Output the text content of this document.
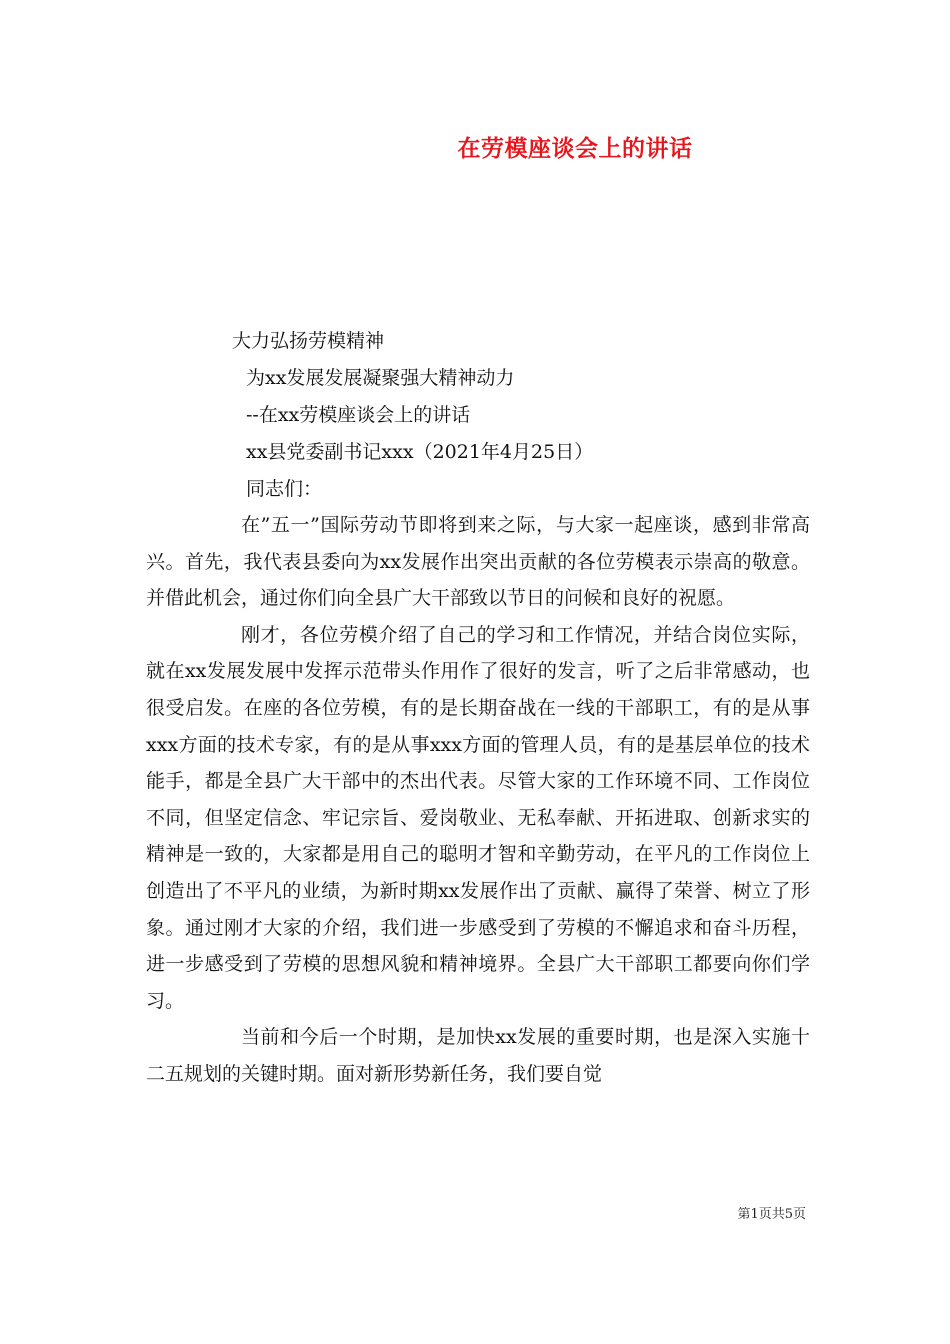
在劳模座谈会上的讲话
大力弘扬劳模精神
为xx发展发展凝聚强大精神动力
--在xx劳模座谈会上的讲话
xx县党委副书记xxx（2021年4月25日）
同志们：

在”五一”国际劳动节即将到来之际，与大家一起座谈，感到非常高兴。首先，我代表县委向为xx发展作出突出贡献的各位劳模表示崇高的敬意。并借此机会，通过你们向全县广大干部致以节日的问候和良好的祝愿。

刚才，各位劳模介绍了自己的学习和工作情况，并结合岗位实际，就在xx发展发展中发挥示范带头作用作了很好的发言，听了之后非常感动，也很受启发。在座的各位劳模，有的是长期奋战在一线的干部职工，有的是从事xxx方面的技术专家，有的是从事xxx方面的管理人员，有的是基层单位的技术能手，都是全县广大干部中的杰出代表。尽管大家的工作环境不同、工作岗位不同，但坚定信念、牢记宗旨、爱岗敬业、无私奉献、开拓进取、创新求实的精神是一致的，大家都是用自己的聪明才智和辛勤劳动，在平凡的工作岗位上创造出了不平凡的业绩，为新时期xx发展作出了贡献、赢得了荣誉、树立了形象。通过刚才大家的介绍，我们进一步感受到了劳模的不懈追求和奋斗历程，进一步感受到了劳模的思想风貌和精神境界。全县广大干部职工都要向你们学习。

当前和今后一个时期，是加快xx发展的重要时期，也是深入实施十二五规划的关键时期。面对新形势新任务，我们要自觉

第1页共5页
